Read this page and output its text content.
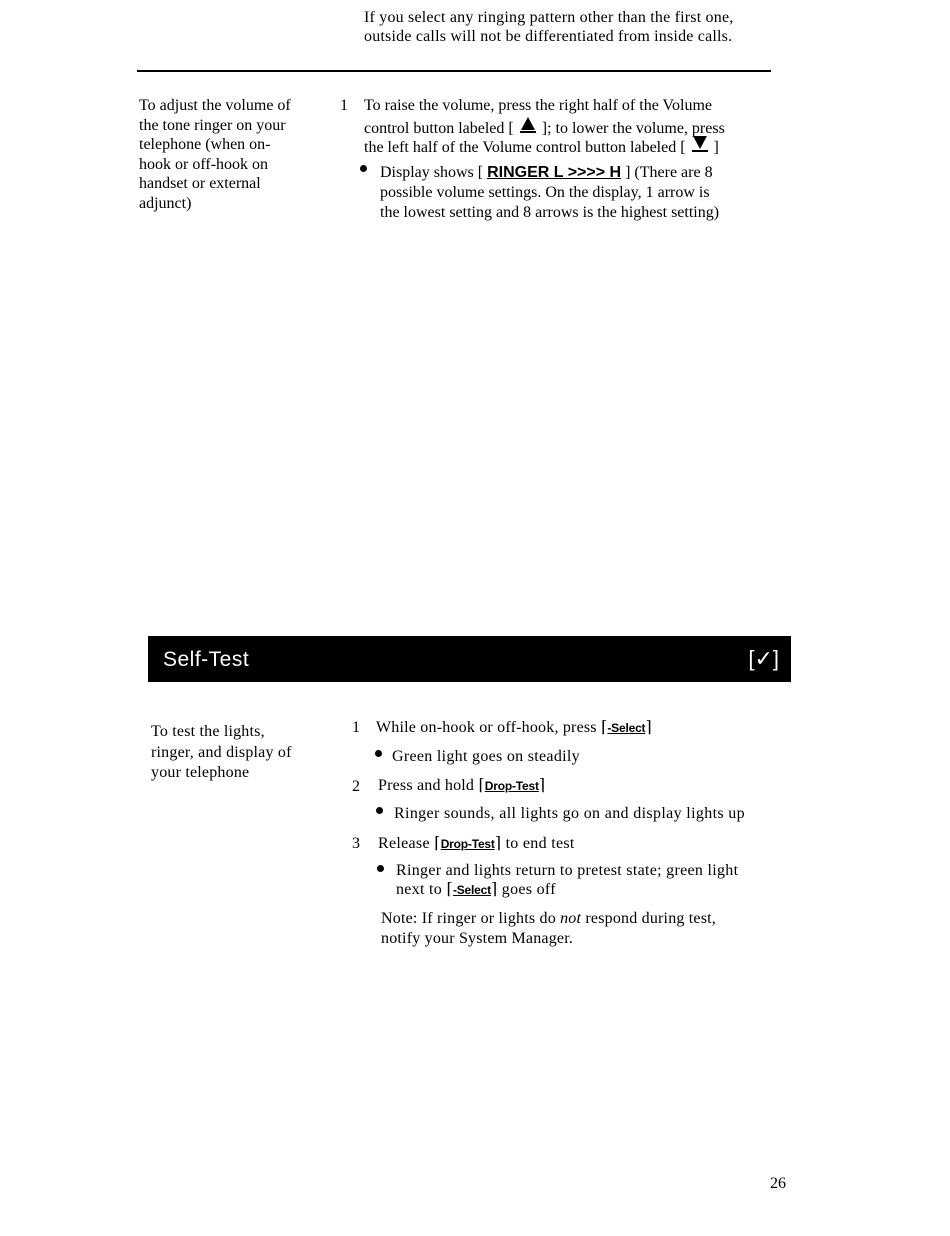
If you select any ringing pattern other than the first one,
outside calls will not be differentiated from inside calls.
To adjust the volume of
the tone ringer on your
telephone (when on-
hook or off-hook on
handset or external
adjunct)
1 To raise the volume, press the right half of the Volume
control button labeled [ ]; to lower the volume, press
the left half of the Volume control button labeled [ ]
Display shows [ RINGER L >>>> H ] (There are 8
possible volume settings. On the display, 1 arrow is
the lowest setting and 8 arrows is the highest setting)
Self-Test	[✓]
To test the lights,
ringer, and display of
your telephone
1 While on-hook or off-hook, press ⌈-Select⌉
Green light goes on steadily
2 Press and hold ⌈Drop-Test⌉
Ringer sounds, all lights go on and display lights up
3 Release ⌈Drop-Test⌉ to end test
Ringer and lights return to pretest state; green light
next to ⌈-Select⌉ goes off
Note: If ringer or lights do not respond during test,
notify your System Manager.
26
